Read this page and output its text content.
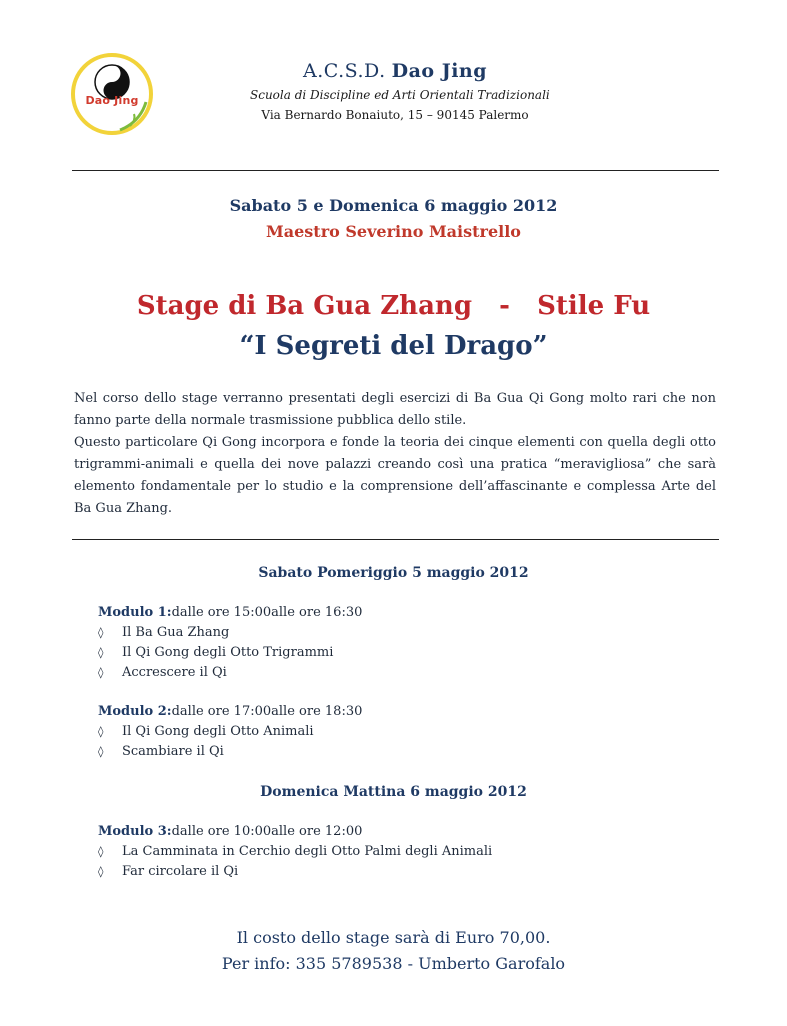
Dao Jing
A.C.S.D. Dao Jing
Scuola di Discipline ed Arti Orientali Tradizionali
Via Bernardo Bonaiuto, 15 – 90145 Palermo
Sabato 5 e Domenica 6 maggio 2012
Maestro Severino Maistrello
Stage di Ba Gua Zhang   -   Stile Fu
“I Segreti del Drago”

Nel corso dello stage verranno presentati degli esercizi di Ba Gua Qi Gong molto rari che non fanno parte della normale trasmissione pubblica dello stile.

Questo particolare Qi Gong incorpora e fonde la teoria dei cinque elementi con quella degli otto trigrammi-animali e quella dei nove palazzi creando così una pratica “meravigliosa” che sarà elemento fondamentale per lo studio e la comprensione dell’affascinante e complessa Arte del Ba Gua Zhang.

Sabato Pomeriggio 5 maggio 2012
Modulo 1:dalle ore 15:00alle ore 16:30
◊ Il Ba Gua Zhang
◊ Il Qi Gong degli Otto Trigrammi
◊ Accrescere il Qi
Modulo 2:dalle ore 17:00alle ore 18:30
◊ Il Qi Gong degli Otto Animali
◊ Scambiare il Qi
Domenica Mattina 6 maggio 2012
Modulo 3:dalle ore 10:00alle ore 12:00
◊ La Camminata in Cerchio degli Otto Palmi degli Animali
◊ Far circolare il Qi
Il costo dello stage sarà di Euro 70,00.
Per info: 335 5789538 - Umberto Garofalo
